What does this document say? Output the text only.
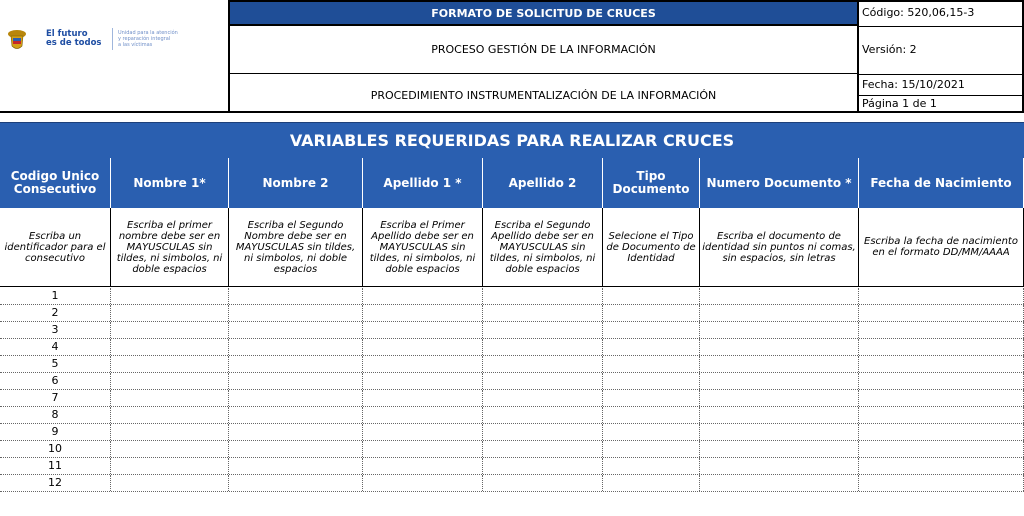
El futuro
es de todos
Unidad para la atención
y reparación integral
a las víctimas
FORMATO DE SOLICITUD DE CRUCES
PROCESO GESTIÓN DE LA INFORMACIÓN
PROCEDIMIENTO INSTRUMENTALIZACIÓN DE LA INFORMACIÓN
Código: 520,06,15-3
Versión: 2
Fecha: 15/10/2021
Página 1 de 1
VARIABLES REQUERIDAS PARA REALIZAR CRUCES
Codigo Unico Consecutivo
Escriba un identificador para el consecutivo
Nombre 1*
Escriba el primer nombre debe ser en MAYUSCULAS sin tildes, ni simbolos, ni doble espacios
Nombre 2
Escriba el Segundo Nombre debe ser en MAYUSCULAS sin tildes, ni simbolos, ni doble espacios
Apellido 1 *
Escriba el Primer Apellido debe ser en MAYUSCULAS sin tildes, ni simbolos, ni doble espacios
Apellido 2
Escriba el Segundo Apellido debe ser en MAYUSCULAS sin tildes, ni simbolos, ni doble espacios
Tipo Documento
Selecione el Tipo de Documento de Identidad
Numero Documento *
Escriba el documento de identidad sin puntos ni comas, sin espacios, sin letras
Fecha de Nacimiento
Escriba la fecha de nacimiento en el formato DD/MM/AAAA
1
2
3
4
5
6
7
8
9
10
11
12
